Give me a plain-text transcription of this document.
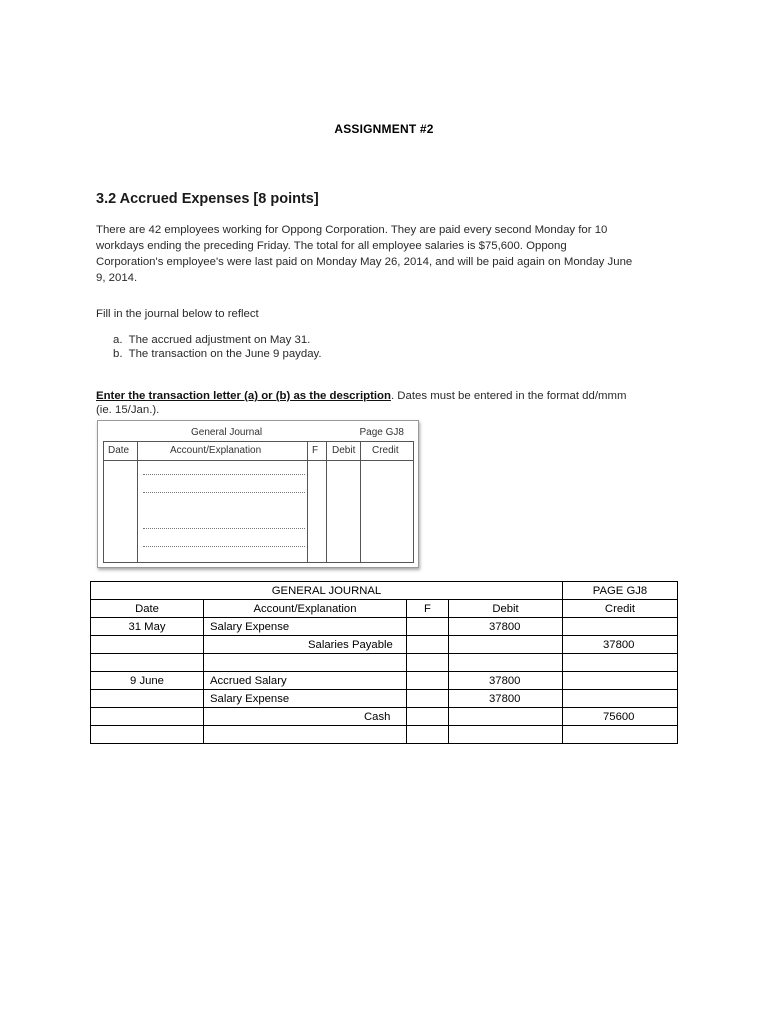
ASSIGNMENT #2
3.2 Accrued Expenses [8 points]
There are 42 employees working for Oppong Corporation. They are paid every second Monday for 10
workdays ending the preceding Friday. The total for all employee salaries is $75,600. Oppong
Corporation's employee's were last paid on Monday May 26, 2014, and will be paid again on Monday June
9, 2014.
Fill in the journal below to reflect
a.  The accrued adjustment on May 31.
b.  The transaction on the June 9 payday.
Enter the transaction letter (a) or (b) as the description. Dates must be entered in the format dd/mmm
(ie. 15/Jan.).
General Journal	Page GJ8
Date	Account/Explanation	F Debit Credit
GENERAL JOURNAL				PAGE GJ8
Date	Account/Explanation	F	Debit	Credit
31 May	Salary Expense		37800	
	Salaries Payable			37800

9 June	Accrued Salary		37800	
	Salary Expense		37800	
	Cash			75600
